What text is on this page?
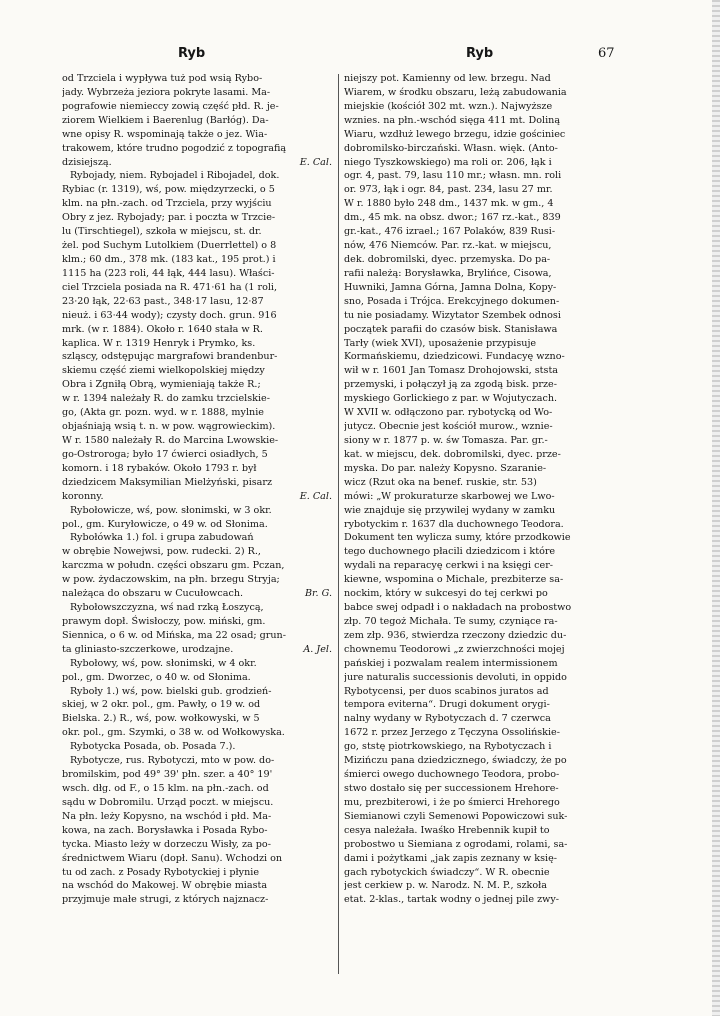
Ryb	Ryb	67
od Trzciela i wypływa tuż pod wsią Rybo-
jady. Wybrzeża jeziora pokryte lasami. Ma-
pografowie niemieccy zowią część płd. R. je-
ziorem Wielkiem i Baerenlug (Barłóg). Da-
wne opisy R. wspominają także o jez. Wia-
trakowem, które trudno pogodzić z topografią
dzisiejszą.	E. Cal.
Rybojady, niem. Rybojadel i Ribojadel, dok.
Rybiac (r. 1319), wś, pow. międzyrzecki, o 5
klm. na płn.-zach. od Trzciela, przy wyjściu
Obry z jez. Rybojady; par. i poczta w Trzcie-
lu (Tirschtiegel), szkoła w miejscu, st. dr.
żel. pod Suchym Lutolkiem (Duerrlettel) o 8
klm.; 60 dm., 378 mk. (183 kat., 195 prot.) i
1115 ha (223 roli, 44 łąk, 444 lasu). Właści-
ciel Trzciela posiada na R. 471·61 ha (1 roli,
23·20 łąk, 22·63 past., 348·17 lasu, 12·87
nieuż. i 63·44 wody); czysty doch. grun. 916
mrk. (w r. 1884). Około r. 1640 stała w R.
kaplica. W r. 1319 Henryk i Prymko, ks.
szląscy, odstępując margrafowi brandenbur-
skiemu część ziemi wielkopolskiej między
Obra i Zgniłą Obrą, wymieniają także R.;
w r. 1394 należały R. do zamku trzcielskie-
go, (Akta gr. pozn. wyd. w r. 1888, mylnie
objaśniają wsią t. n. w pow. wągrowieckim).
W r. 1580 należały R. do Marcina Lwowskie-
go-Ostroroga; było 17 ćwierci osiadłych, 5
komorn. i 18 rybaków. Około 1793 r. był
dziedzicem Maksymilian Mielżyński, pisarz
koronny.	E. Cal.
Rybołowicze, wś, pow. słonimski, w 3 okr.
pol., gm. Kuryłowicze, o 49 w. od Słonima.
Rybołówka 1.) fol. i grupa zabudowań
w obrębie Nowejwsi, pow. rudecki. 2) R.,
karczma w połudn. części obszaru gm. Pczan,
w pow. żydaczowskim, na płn. brzegu Stryja;
należąca do obszaru w Cucułowcach.	Br. G.
Rybołowszczyzna, wś nad rzką Łoszycą,
prawym dopł. Świsłoczy, pow. miński, gm.
Siennica, o 6 w. od Mińska, ma 22 osad; grun-
ta gliniasto-szczerkowe, urodzajne.	A. Jel.
Rybołowy, wś, pow. słonimski, w 4 okr.
pol., gm. Dworzec, o 40 w. od Słonima.
Ryboły 1.) wś, pow. bielski gub. grodzień-
skiej, w 2 okr. pol., gm. Pawły, o 19 w. od
Bielska. 2.) R., wś, pow. wołkowyski, w 5
okr. pol., gm. Szymki, o 38 w. od Wołkowyska.
Rybotycka Posada, ob. Posada 7.).
Rybotycze, rus. Rybotyczi, mto w pow. do-
bromilskim, pod 49° 39' płn. szer. a 40° 19'
wsch. dłg. od F., o 15 klm. na płn.-zach. od
sądu w Dobromilu. Urząd poczt. w miejscu.
Na płn. leży Kopysno, na wschód i płd. Ma-
kowa, na zach. Borysławka i Posada Rybo-
tycka. Miasto leży w dorzeczu Wisły, za po-
średnictwem Wiaru (dopł. Sanu). Wchodzi on
tu od zach. z Posady Rybotyckiej i płynie
na wschód do Makowej. W obrębie miasta
przyjmuje małe strugi, z których najznacz-
niejszy pot. Kamienny od lew. brzegu. Nad
Wiarem, w środku obszaru, leżą zabudowania
miejskie (kościół 302 mt. wzn.). Najwyższe
wznies. na płn.-wschód sięga 411 mt. Doliną
Wiaru, wzdłuż lewego brzegu, idzie gościniec
dobromilsko-birczański. Własn. więk. (Anto-
niego Tyszkowskiego) ma roli or. 206, łąk i
ogr. 4, past. 79, lasu 110 mr.; własn. mn. roli
or. 973, łąk i ogr. 84, past. 234, lasu 27 mr.
W r. 1880 było 248 dm., 1437 mk. w gm., 4
dm., 45 mk. na obsz. dwor.; 167 rz.-kat., 839
gr.-kat., 476 izrael.; 167 Polaków, 839 Rusi-
nów, 476 Niemców. Par. rz.-kat. w miejscu,
dek. dobromilski, dyec. przemyska. Do pa-
rafii należą: Borysławka, Brylińce, Cisowa,
Huwniki, Jamna Górna, Jamna Dolna, Kopy-
sno, Posada i Trójca. Erekcyjnego dokumen-
tu nie posiadamy. Wizytator Szembek odnosi
początek parafii do czasów bisk. Stanisława
Tarły (wiek XVI), uposażenie przypisuje
Kormańskiemu, dziedzicowi. Fundacyę wzno-
wił w r. 1601 Jan Tomasz Drohojowski, ststa
przemyski, i połączył ją za zgodą bisk. prze-
myskiego Gorlickiego z par. w Wojutyczach.
W XVII w. odłączono par. rybotycką od Wo-
jutycz. Obecnie jest kościół murow., wznie-
siony w r. 1877 p. w. św Tomasza. Par. gr.-
kat. w miejscu, dek. dobromilski, dyec. prze-
myska. Do par. należy Kopysno. Szaranie-
wicz (Rzut oka na benef. ruskie, str. 53)
mówi: „W prokuraturze skarbowej we Lwo-
wie znajduje się przywilej wydany w zamku
rybotyckim r. 1637 dla duchownego Teodora.
Dokument ten wylicza sumy, które przodkowie
tego duchownego płacili dziedzicom i które
wydali na reparacyę cerkwi i na księgi cer-
kiewne, wspomina o Michale, prezbiterze sa-
nockim, który w sukcesyi do tej cerkwi po
babce swej odpadł i o nakładach na probostwo
złp. 70 tegoż Michała. Te sumy, czyniące ra-
zem złp. 936, stwierdza rzeczony dziedzic du-
chownemu Teodorowi „z zwierzchności mojej
pańskiej i pozwalam realem intermissionem
jure naturalis successionis devoluti, in oppido
Rybotycensi, per duos scabinos juratos ad
tempora eviterna“. Drugi dokument orygi-
nalny wydany w Rybotyczach d. 7 czerwca
1672 r. przez Jerzego z Tęczyna Ossolińskie-
go, ststę piotrkowskiego, na Rybotyczach i
Mizińczu pana dziedzicznego, świadczy, że po
śmierci owego duchownego Teodora, probo-
stwo dostało się per successionem Hrehore-
mu, prezbiterowi, i że po śmierci Hrehorego
Siemianowi czyli Semenowi Popowiczowi suk-
cesya należała. Iwaśko Hrebennik kupił to
probostwo u Siemiana z ogrodami, rolami, sa-
dami i pożytkami „jak zapis zeznany w księ-
gach rybotyckich świadczy“. W R. obecnie
jest cerkiew p. w. Narodz. N. M. P., szkoła
etat. 2-klas., tartak wodny o jednej pile zwy-
